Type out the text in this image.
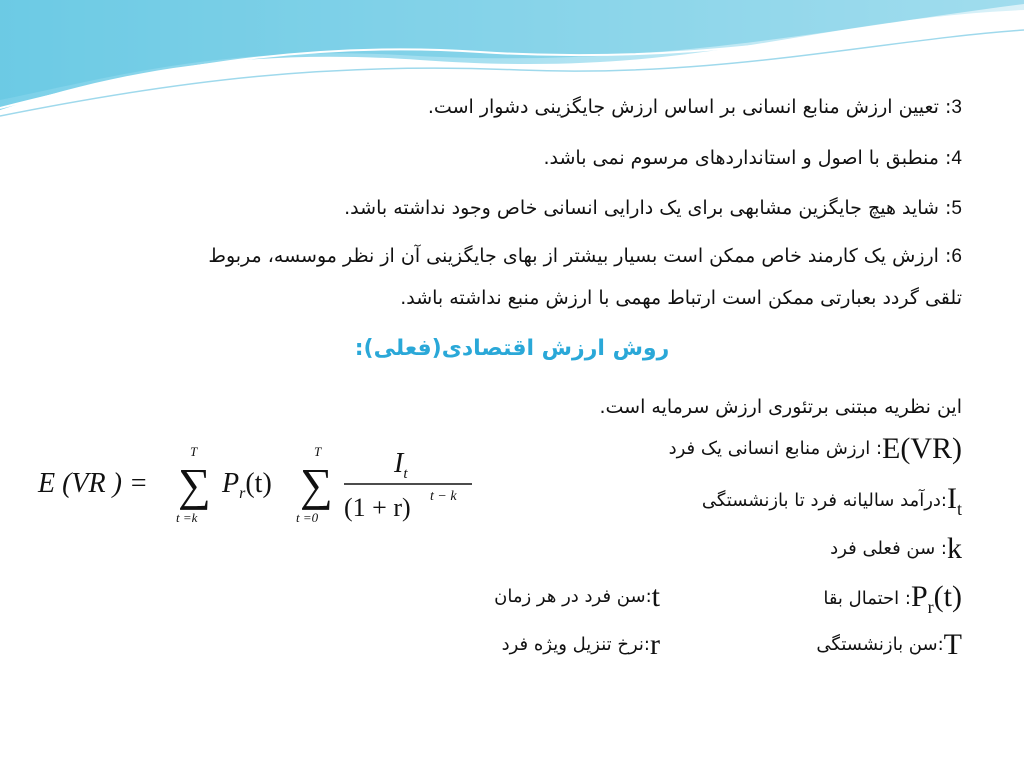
3: تعیین ارزش منابع انسانی بر اساس ارزش جایگزینی دشوار است.
4: منطبق با اصول و استانداردهای مرسوم نمی باشد.
5: شاید هیچ جایگزین مشابهی برای یک دارایی انسانی خاص وجود نداشته باشد.
6: ارزش یک کارمند خاص ممکن است بسیار بیشتر از بهای جایگزینی آن از نظر موسسه، مربوط
تلقی گردد بعبارتی ممکن است ارتباط مهمی با ارزش منبع نداشته باشد.
روش ارزش اقتصادی(فعلی):
این نظریه مبتنی برتئوری ارزش سرمایه است.
E(VR): ارزش منابع انسانی یک فرد
$I_t:درآمد$ سالیانه فرد تا بازنشستگی
k: سن فعلی فرد
$P_r(t)$: احتمال بقا
t:سن فرد در هر زمان
T:سن بازنشستگی
r:نرخ تنزیل ویژه فرد
E (VR ) =
T
∑
t =k
$P_r(t)$
T
∑
t =0
$I_t$
(1 + r) t − k
